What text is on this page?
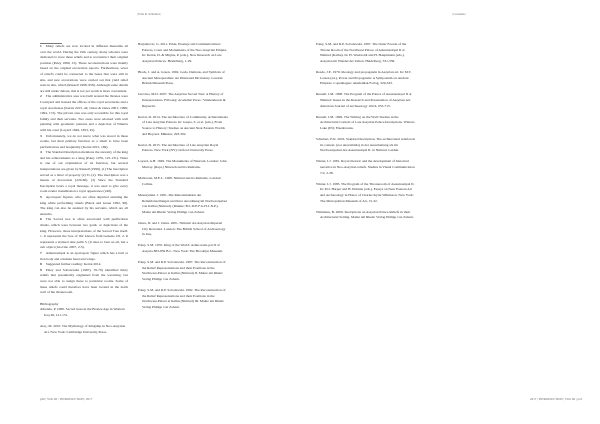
| Erik R. Schubert |	| Contents |

1 Many reliefs are now located in different museums all over the world. During the 19th century, many scholars were dedicated to trace these reliefs and to reconstruct their original position (Paley 1869, 15). These reconstructions were mainly based on the original excavation reports. Furthermore, sever of relief's could be connected to the bases that were still in situ, and new excavations were carried out that yield relief rests in situ, which (Russell 1998, 658). Although some details are still under debate, this is not yet worth is more convenient.

2 The administrative area was built around the thrones were Courtyard and housed the offices of the royal secretaries and a royal storehouse (Kertai 2015, 44; Oates & Oates 2001; 1996; 1994, 172). The private area was only accessible for this royal family and their servants. Two areas were adorned with wall painting with geometric patterns and a depiction of Ninurta with his court (Layard 1849, 1853, 45).

3 Unfortunately, we do not know what was stored in these rooms, but their primary function as a small to have been performances and hospitality (Kertai 2015, 169).

4 The Standard Inscription mentions the ancestry of the king and his achievements as a king (Paley 1976, 125-131). There is one of our explanation of its function, but several interpretations are given by Russell (1999). (1) The inscription served as a label of property (2) To (2). The inscription was a means of decoration (220-60). (3) Since the Standard Inscription bears a royal message, it was used to give every room reader transmission a royal appearance (240).

5 Apotropaic figures, who are often depicted assisting the king while performing rituals (Black and Green 1992, 98). The king can also be assisted by his servants, which are all eunuchs.

6 The Sacred tree is often associated with purification rituals, which were between two genii, or depictions of the king. However, those interpretations of the Sacred Tree itself. 1. It represents the 'tree of life' known from Genesis 2:9. 2. It represents a stylised date palm 3. (It rises to bear us all, but a cult object (Giovino 2007, 2-3).

7 Ashurnasirpal is an apotropaic figure which has a bull or lion body and a human head and wings.

8 Suggested further reading: Kertai 2014.

9 Paley and Sobolewski (1987), 76-79) identified thirty reliefs that presumably originated from the westwing, but were not able to assign these to particular rooms. Some of these reliefs could therefore have been located in the north wall of the throneroom.

Bibliography

Albenda, P. 1986. Sacred trees in the Bronze Age in Western Iraq 48, 121-151.

Ataç, M. 2010. The Mythology of Kingship in Neo-Assyrian Art. New York: Cambridge University Press.

Barjamovic, G. 2011. Pride, Prestige and Commemoration: Palaces, Court and Monuments of the Neo-Assyrian Empire. In: Kertai, D. & Miglus, P. (eds.), New Research on Late Assyrian Palaces. Heidelberg, 1-29.

Black, J. and A. Green. 1992. Gods, Demons, and Symbols of Ancient Mesopotamia: An Illustrated Dictionary. London: British Museum Press.

Giovino, M.D. 2007. The Assyrian Sacred Tree: A History of Interpretations. Fribourg: Academic Press / Vandenhoeck & Ruprecht.

Kertai, D. 2014. The Architecture of Community. Achievements of Late Assyrian Palaces. In: Gaspa, S. et al. (eds.), From Source to History: Studies on Ancient Near Eastern Worlds and Beyond. Münster, 293-302.

Kertai, D. 2015. The Architecture of Late Assyrian Royal Palaces. New York (NY): Oxford University Press.

Layard, A.H. 1849. The Monuments of Nineveh. London: John Murray. (Repr.) Nineveh and its Remains.

Mallowan, M.E.L. 1966. Nimrud and its Remains. London: Collins.

Meuszyński, J. 1981. Die Rekonstruktion der Reliefdarstellungen und ihrer Anordnung im Nordwestpalast von Kalhu (Nimrud). (Räume: B.C.D.E.F.G.H.L.N.P.). Mainz am Rhein: Verlag Philipp von Zabern.

Oates, D. and J. Oates. 2001. Nimrud: An Assyrian Imperial City Revealed. London: The British School of Archaeology in Iraq.

Paley, S.M. 1976. King of the World: Ashur-nasir-pal II of Assyria 883-859 B.C. New York: The Brooklyn Museum.

Paley, S.M. and R.P. Sobolewski. 1987. The Reconstruction of the Relief Representations and their Positions in the Northwest-Palace at Kalhu (Nimrud) II. Mainz am Rhein: Verlag Philipp von Zabern.

Paley, S.M. and R.P. Sobolewski. 1992. The Reconstruction of the Relief Representations and their Positions in the Northwest-Palace at Kalhu (Nimrud) III. Mainz am Rhein: Verlag Philipp von Zabern.

Paley, S.M. and R.P. Sobolewski. 1997. The Outer Facade of the Throne Room of the Northwest Palace of Ashurnasirpal II at Nimrud (Kalhu). In: H. Waetzoldt and H. Hauptmann (eds.), Assyrien im Wandel der Zeiten. Heidelberg, 331-336.

Reade, J.E. 1979. Ideology and propaganda in Assyrian art. In: M.T. Larsen (ed.), Power and Propaganda: A Symposium on Ancient Empires. Copenhagen: Akademisk Forlag, 329-343.

Russell, J.M. 1998. The Program of the Palace of Assurnasirpal II at Nimrud: Issues in the Research and Presentation of Assyrian Art. American Journal of Archaeology 102/4, 655-715.

Russell, J.M. 1999. The Writing on the Wall: Studies in the Architectural Context of Late Assyrian Palace Inscriptions. Winona Lake (IN): Eisenbrauns.

Schubert, E.R. 2016. Standard Inscription, The architectural relation in its context, (not unavailable) in der Ausarbeitung als im Nordwestpalast des Assurnasirpal II. in Nimrud. Leiden.

Winter, I.J. 1981. Royal rhetoric and the development of historical narrative in Neo-Assyrian reliefs. Studies in Visual Communication 7/2, 2-38.

Winter, I.J. 1983. The Program of the Throneroom of Assurnasirpal II. In: P.O. Harper and H. Pittman (eds.), Essays on Near Eastern Art and Archaeology in Honor of Charles Kyrle Wilkinson. New York: The Metropolitan Museum of Art, 15-32.

Wittmann, B. 2009. Inscriptions on Assyrian Palace Reliefs in their Architectural Setting. Mainz am Rhein: Verlag Philipp von Zabern.

p20 | VOL III | INTRODUCTION | 2017	2017 | INTRODUCTION | VOL III | p21
